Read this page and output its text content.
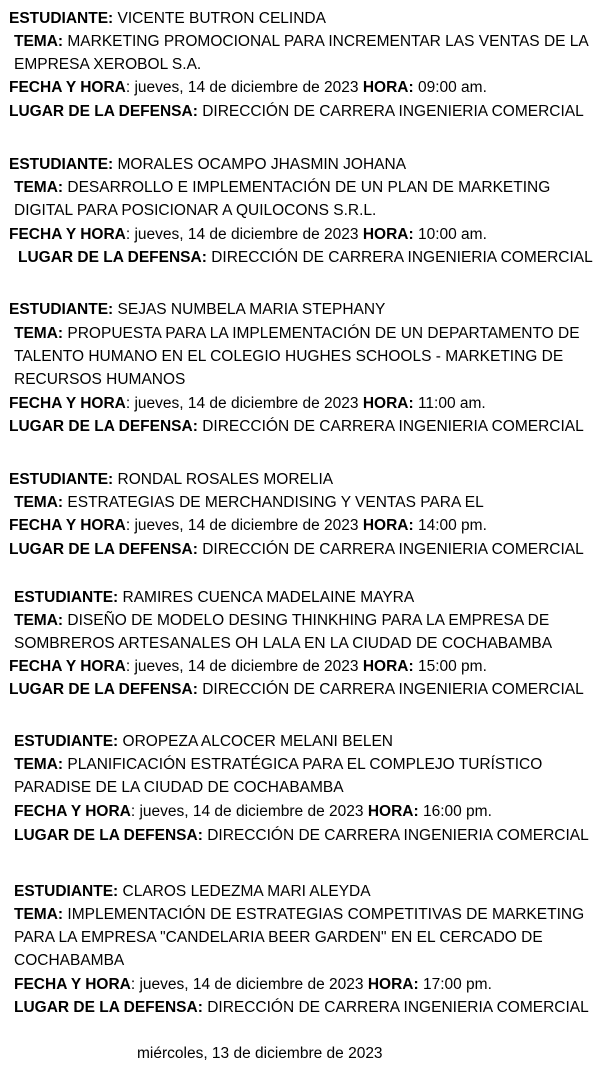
ESTUDIANTE: VICENTE BUTRON CELINDA
TEMA: MARKETING PROMOCIONAL PARA INCREMENTAR LAS VENTAS DE LA
EMPRESA XEROBOL S.A.
FECHA Y HORA: jueves, 14 de diciembre de 2023 HORA: 09:00 am.
LUGAR DE LA DEFENSA: DIRECCIÓN DE CARRERA INGENIERIA COMERCIAL
ESTUDIANTE: MORALES OCAMPO JHASMIN JOHANA
TEMA: DESARROLLO E IMPLEMENTACIÓN DE UN PLAN DE MARKETING
DIGITAL PARA POSICIONAR A QUILOCONS S.R.L.
FECHA Y HORA: jueves, 14 de diciembre de 2023 HORA: 10:00 am.
LUGAR DE LA DEFENSA: DIRECCIÓN DE CARRERA INGENIERIA COMERCIAL
ESTUDIANTE: SEJAS NUMBELA MARIA STEPHANY
TEMA: PROPUESTA PARA LA IMPLEMENTACIÓN DE UN DEPARTAMENTO DE
TALENTO HUMANO EN EL COLEGIO HUGHES SCHOOLS - MARKETING DE
RECURSOS HUMANOS
FECHA Y HORA: jueves, 14 de diciembre de 2023 HORA: 11:00 am.
LUGAR DE LA DEFENSA: DIRECCIÓN DE CARRERA INGENIERIA COMERCIAL
ESTUDIANTE: RONDAL ROSALES MORELIA
TEMA: ESTRATEGIAS DE MERCHANDISING Y VENTAS PARA EL
FECHA Y HORA: jueves, 14 de diciembre de 2023 HORA: 14:00 pm.
LUGAR DE LA DEFENSA: DIRECCIÓN DE CARRERA INGENIERIA COMERCIAL
ESTUDIANTE: RAMIRES CUENCA MADELAINE MAYRA
TEMA: DISEÑO DE MODELO DESING THINKHING PARA LA EMPRESA DE
SOMBREROS ARTESANALES OH LALA EN LA CIUDAD DE COCHABAMBA
FECHA Y HORA: jueves, 14 de diciembre de 2023 HORA: 15:00 pm.
LUGAR DE LA DEFENSA: DIRECCIÓN DE CARRERA INGENIERIA COMERCIAL
ESTUDIANTE: OROPEZA ALCOCER MELANI BELEN
TEMA: PLANIFICACIÓN ESTRATÉGICA PARA EL COMPLEJO TURÍSTICO
PARADISE DE LA CIUDAD DE COCHABAMBA
FECHA Y HORA: jueves, 14 de diciembre de 2023 HORA: 16:00 pm.
LUGAR DE LA DEFENSA: DIRECCIÓN DE CARRERA INGENIERIA COMERCIAL
ESTUDIANTE: CLAROS LEDEZMA MARI ALEYDA
TEMA: IMPLEMENTACIÓN DE ESTRATEGIAS COMPETITIVAS DE MARKETING
PARA LA EMPRESA "CANDELARIA BEER GARDEN" EN EL CERCADO DE
COCHABAMBA
FECHA Y HORA: jueves, 14 de diciembre de 2023 HORA: 17:00 pm.
LUGAR DE LA DEFENSA: DIRECCIÓN DE CARRERA INGENIERIA COMERCIAL
miércoles, 13 de diciembre de 2023
